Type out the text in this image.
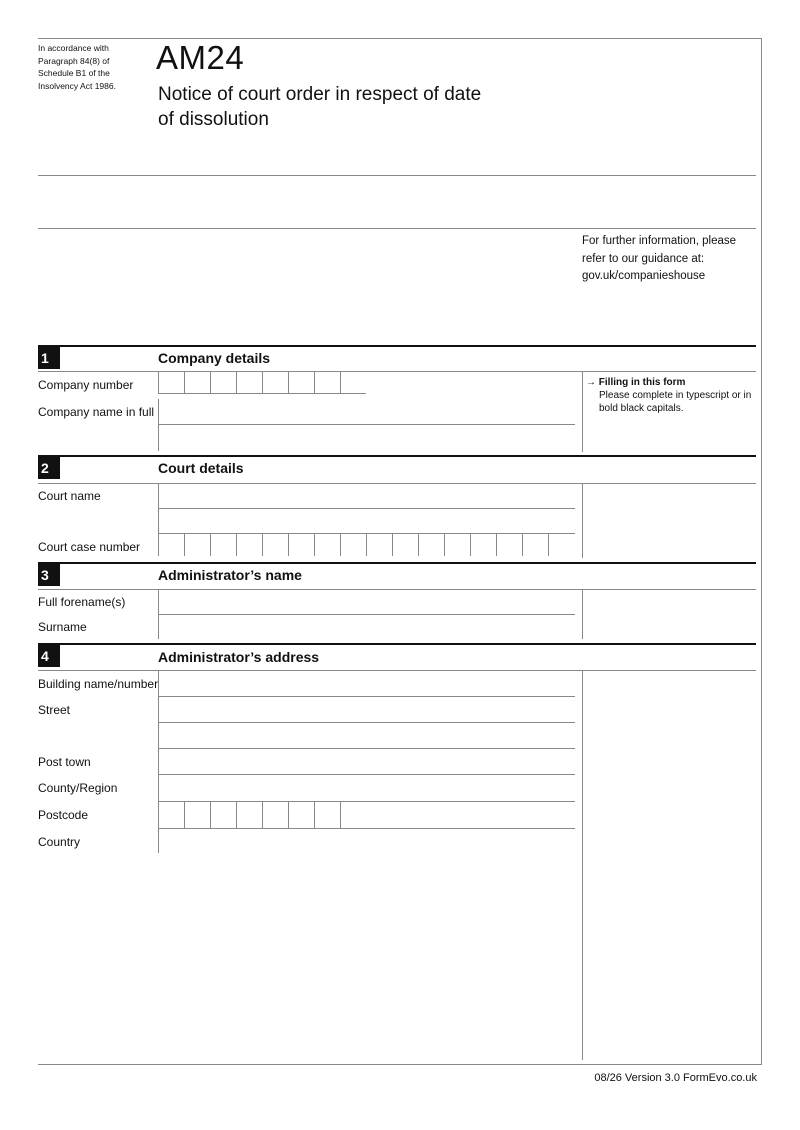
In accordance with
Paragraph 84(8) of
Schedule B1 of the
Insolvency Act 1986.
AM24
Notice of court order in respect of date
of dissolution
For further information, please
refer to our guidance at:
gov.uk/companieshouse
1	Company details
Company number
Company name in full
→ Filling in this form
Please complete in typescript or in
bold black capitals.
2	Court details
Court name
Court case number
3	Administrator’s name
Full forename(s)
Surname
4	Administrator’s address
Building name/number
Street
Post town
County/Region
Postcode
Country
08/26 Version 3.0 FormEvo.co.uk
